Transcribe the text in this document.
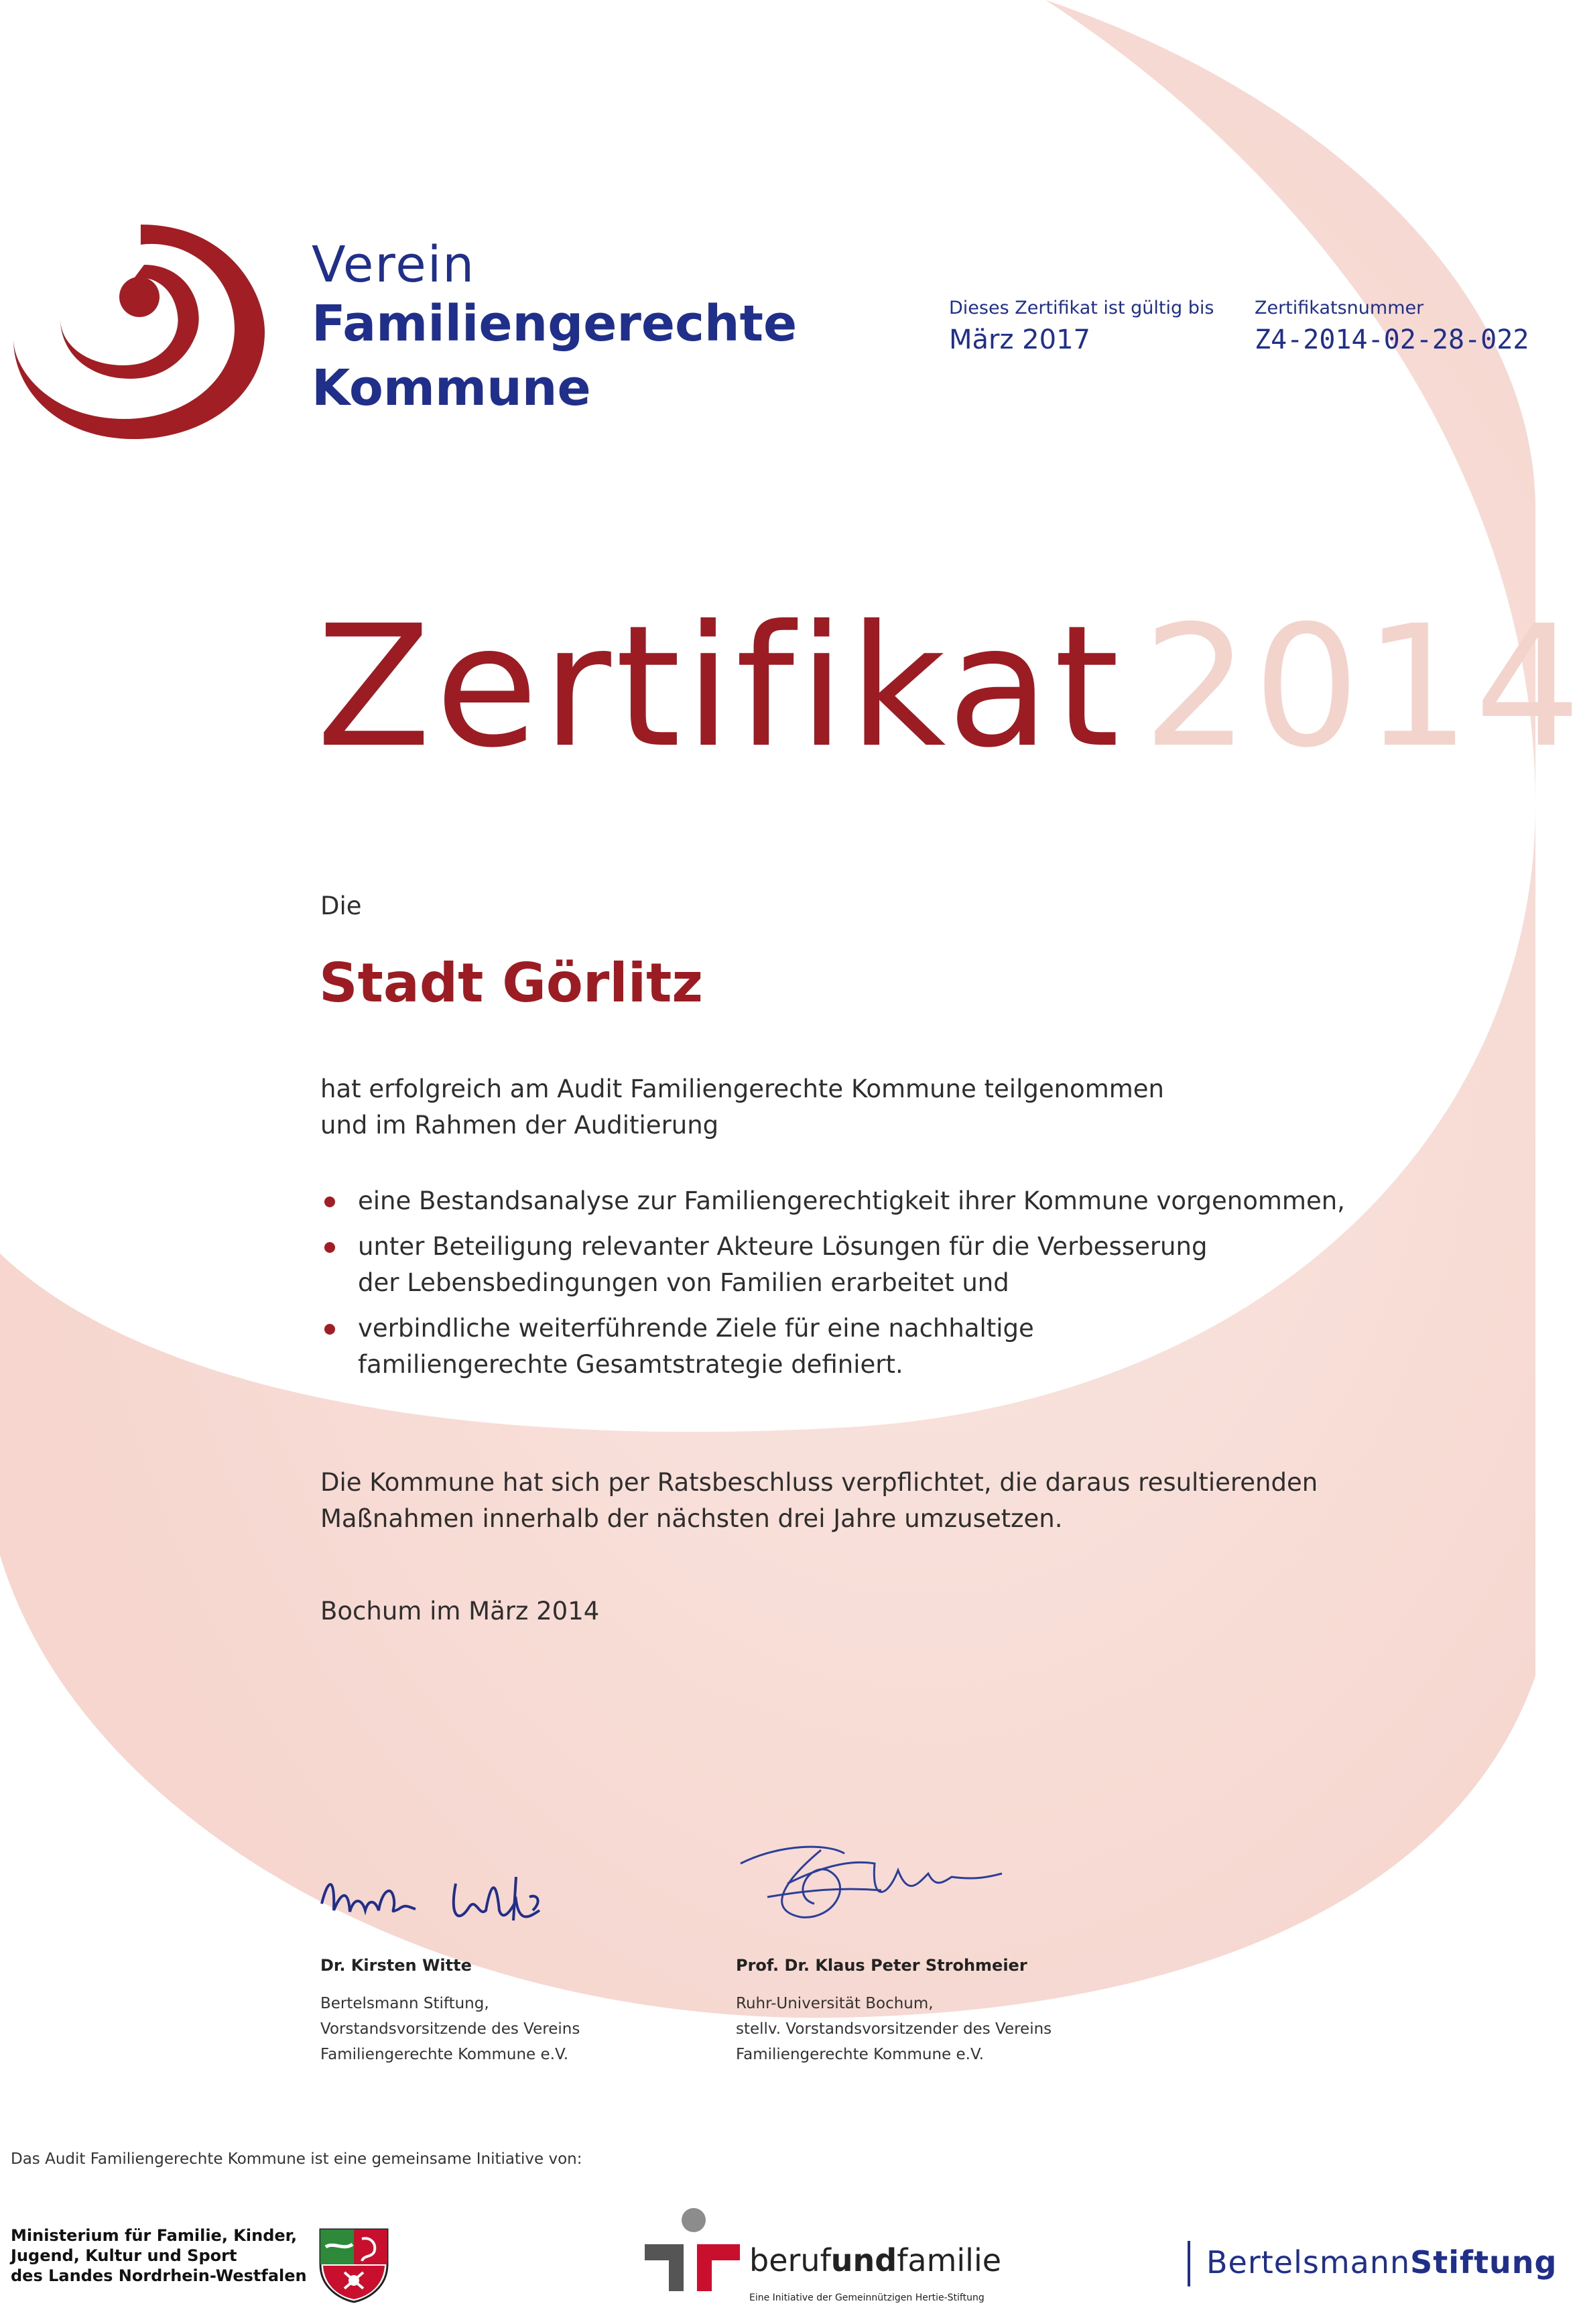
Verein
Familiengerechte
Kommune
Dieses Zertifikat ist gültig bis
März 2017
Zertifikatsnummer
Z4-2014-02-28-022
Zertifikat 2014
Die
Stadt Görlitz
hat erfolgreich am Audit Familiengerechte Kommune teilgenommen
und im Rahmen der Auditierung
eine Bestandsanalyse zur Familiengerechtigkeit ihrer Kommune vorgenommen,
unter Beteiligung relevanter Akteure Lösungen für die Verbesserung
der Lebensbedingungen von Familien erarbeitet und
verbindliche weiterführende Ziele für eine nachhaltige
familiengerechte Gesamtstrategie definiert.
Die Kommune hat sich per Ratsbeschluss verpflichtet, die daraus resultierenden
Maßnahmen innerhalb der nächsten drei Jahre umzusetzen.
Bochum im März 2014
Dr. Kirsten Witte
Bertelsmann Stiftung,
Vorstandsvorsitzende des Vereins
Familiengerechte Kommune e.V.
Prof. Dr. Klaus Peter Strohmeier
Ruhr-Universität Bochum,
stellv. Vorstandsvorsitzender des Vereins
Familiengerechte Kommune e.V.
Das Audit Familiengerechte Kommune ist eine gemeinsame Initiative von:
Ministerium für Familie, Kinder,
Jugend, Kultur und Sport
des Landes Nordrhein-Westfalen	berufundfamilie
Eine Initiative der Gemeinnützigen Hertie-Stiftung
BertelsmannStiftung
